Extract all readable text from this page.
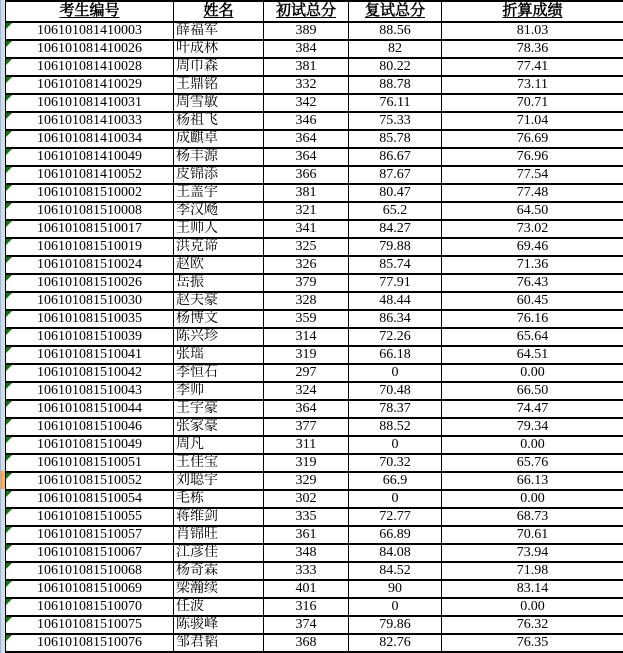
考生编号	姓名	初试总分	复试总分	折算成绩

106101081410003	薛福军	389	88.56	81.03

106101081410026	叶成林	384	82	78.36

106101081410028	周巾森	381	80.22	77.41

106101081410029	王鼎铭	332	88.78	73.11

106101081410031	周雪敏	342	76.11	70.71

106101081410033	杨祖飞	346	75.33	71.04

106101081410034	成麒卓	364	85.78	76.69

106101081410049	杨丰源	364	86.67	76.96

106101081410052	皮锦添	366	87.67	77.54

106101081510002	王盖宇	381	80.47	77.48

106101081510008	李汉飏	321	65.2	64.50

106101081510017	王帅人	341	84.27	73.02

106101081510019	洪克谛	325	79.88	69.46

106101081510024	赵欧	326	85.74	71.36

106101081510026	岳振	379	77.91	76.43

106101081510030	赵夫豪	328	48.44	60.45

106101081510035	杨博文	359	86.34	76.16

106101081510039	陈兴珍	314	72.26	65.64

106101081510041	张瑶	319	66.18	64.51

106101081510042	李恒石	297	0	0.00

106101081510043	李帅	324	70.48	66.50

106101081510044	王宇豪	364	78.37	74.47

106101081510046	张家豪	377	88.52	79.34

106101081510049	周凡	311	0	0.00

106101081510051	王佳宝	319	70.32	65.76

106101081510052	刘聪宇	329	66.9	66.13

106101081510054	毛栋	302	0	0.00

106101081510055	蒋维剑	335	72.77	68.73

106101081510057	肖锦旺	361	66.89	70.61

106101081510067	江彦佳	348	84.08	73.94

106101081510068	杨奇霖	333	84.52	71.98

106101081510069	梁瀚续	401	90	83.14

106101081510070	任波	316	0	0.00

106101081510075	陈骏峰	374	79.86	76.32

106101081510076	邹君韬	368	82.76	76.35
